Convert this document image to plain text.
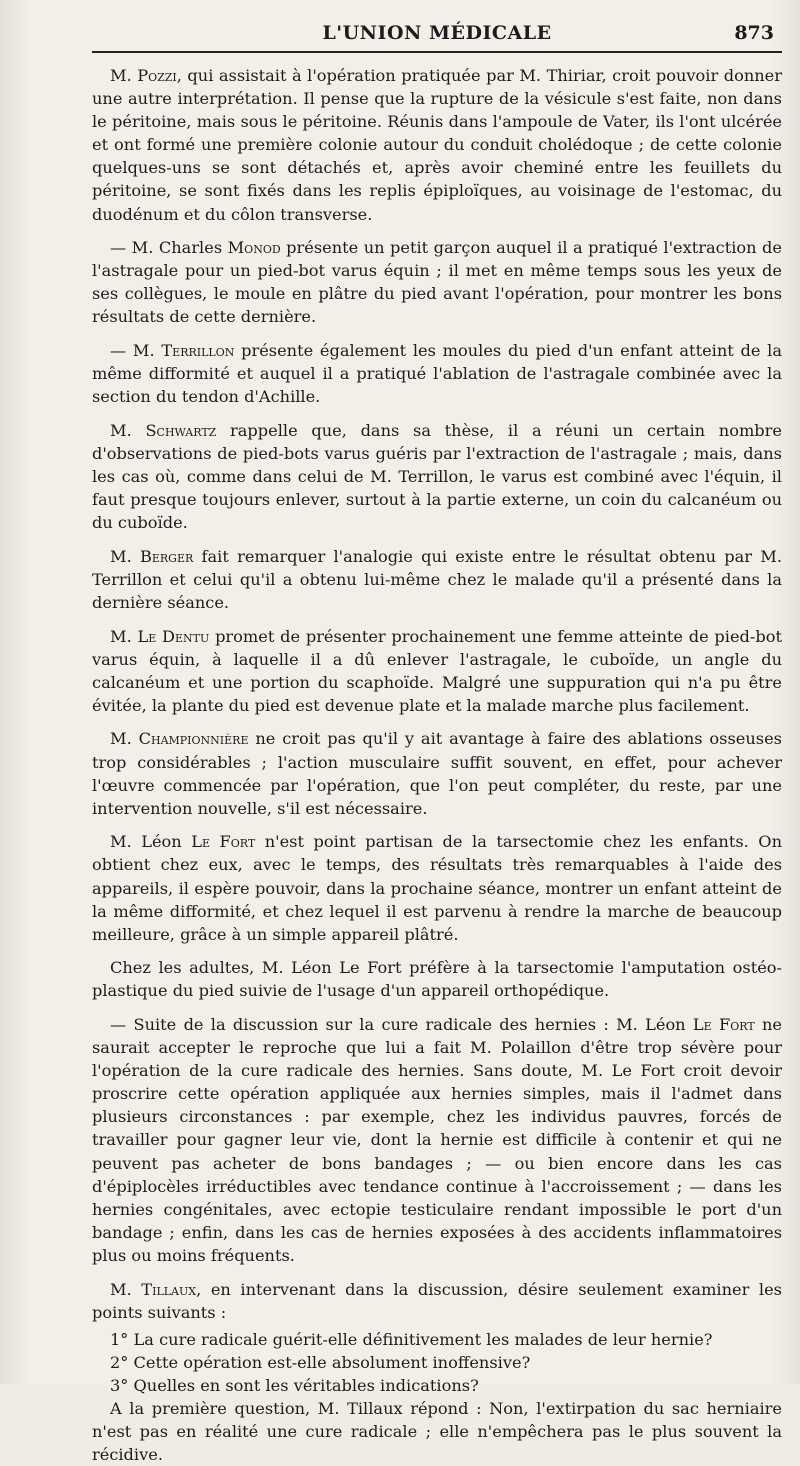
L'UNION MÉDICALE	873

M. Pozzi, qui assistait à l'opération pratiquée par M. Thiriar, croit pouvoir donner une autre interprétation. Il pense que la rupture de la vésicule s'est faite, non dans le péritoine, mais sous le péritoine. Réunis dans l'ampoule de Vater, ils l'ont ulcérée et ont formé une première colonie autour du conduit cholédoque ; de cette colonie quelques-uns se sont détachés et, après avoir cheminé entre les feuillets du péritoine, se sont fixés dans les replis épiploïques, au voisinage de l'estomac, du duodénum et du côlon transverse.

— M. Charles Monod présente un petit garçon auquel il a pratiqué l'extraction de l'astragale pour un pied-bot varus équin ; il met en même temps sous les yeux de ses collègues, le moule en plâtre du pied avant l'opération, pour montrer les bons résultats de cette dernière.

— M. Terrillon présente également les moules du pied d'un enfant atteint de la même difformité et auquel il a pratiqué l'ablation de l'astragale combinée avec la section du tendon d'Achille.

M. Schwartz rappelle que, dans sa thèse, il a réuni un certain nombre d'observations de pied-bots varus guéris par l'extraction de l'astragale ; mais, dans les cas où, comme dans celui de M. Terrillon, le varus est combiné avec l'équin, il faut presque toujours enlever, surtout à la partie externe, un coin du calcanéum ou du cuboïde.

M. Berger fait remarquer l'analogie qui existe entre le résultat obtenu par M. Terrillon et celui qu'il a obtenu lui-même chez le malade qu'il a présenté dans la dernière séance.

M. Le Dentu promet de présenter prochainement une femme atteinte de pied-bot varus équin, à laquelle il a dû enlever l'astragale, le cuboïde, un angle du calcanéum et une portion du scaphoïde. Malgré une suppuration qui n'a pu être évitée, la plante du pied est devenue plate et la malade marche plus facilement.

M. Championnière ne croit pas qu'il y ait avantage à faire des ablations osseuses trop considérables ; l'action musculaire suffit souvent, en effet, pour achever l'œuvre commencée par l'opération, que l'on peut compléter, du reste, par une intervention nouvelle, s'il est nécessaire.

M. Léon Le Fort n'est point partisan de la tarsectomie chez les enfants. On obtient chez eux, avec le temps, des résultats très remarquables à l'aide des appareils, il espère pouvoir, dans la prochaine séance, montrer un enfant atteint de la même difformité, et chez lequel il est parvenu à rendre la marche de beaucoup meilleure, grâce à un simple appareil plâtré.

Chez les adultes, M. Léon Le Fort préfère à la tarsectomie l'amputation ostéo-plastique du pied suivie de l'usage d'un appareil orthopédique.

— Suite de la discussion sur la cure radicale des hernies : M. Léon Le Fort ne saurait accepter le reproche que lui a fait M. Polaillon d'être trop sévère pour l'opération de la cure radicale des hernies. Sans doute, M. Le Fort croit devoir proscrire cette opération appliquée aux hernies simples, mais il l'admet dans plusieurs circonstances : par exemple, chez les individus pauvres, forcés de travailler pour gagner leur vie, dont la hernie est difficile à contenir et qui ne peuvent pas acheter de bons bandages ; — ou bien encore dans les cas d'épiplocèles irréductibles avec tendance continue à l'accroissement ; — dans les hernies congénitales, avec ectopie testiculaire rendant impossible le port d'un bandage ; enfin, dans les cas de hernies exposées à des accidents inflammatoires plus ou moins fréquents.

M. Tillaux, en intervenant dans la discussion, désire seulement examiner les points suivants :

1° La cure radicale guérit-elle définitivement les malades de leur hernie?

2° Cette opération est-elle absolument inoffensive?

3° Quelles en sont les véritables indications?

A la première question, M. Tillaux répond : Non, l'extirpation du sac herniaire n'est pas en réalité une cure radicale ; elle n'empêchera pas le plus souvent la récidive.
